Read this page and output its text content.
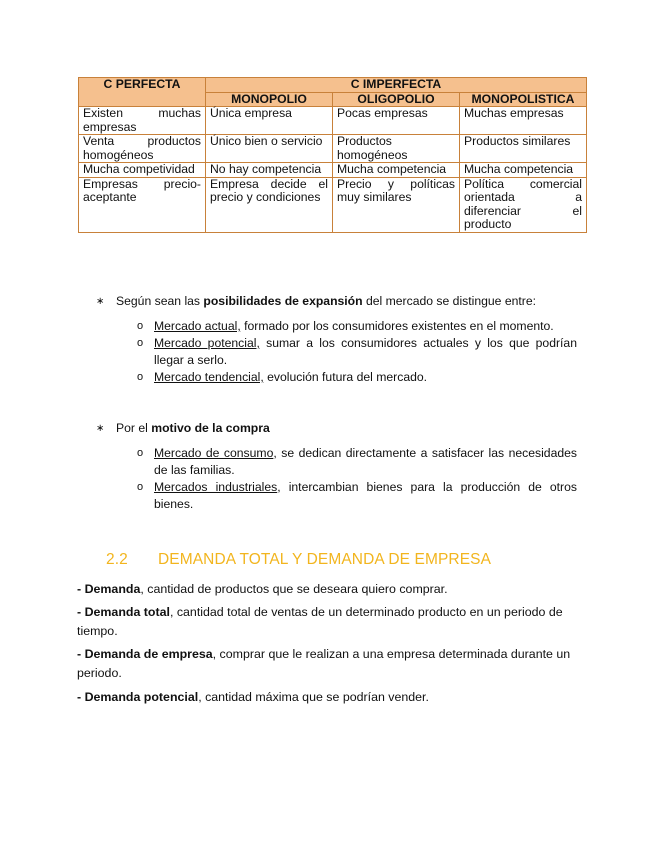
C PERFECTA	C IMPERFECTA		
	MONOPOLIO	OLIGOPOLIO	MONOPOLISTICA
Existen muchas empresas	Única empresa	Pocas empresas	Muchas empresas
Venta productos homogéneos	Único bien o servicio	Productos homogéneos	Productos similares
Mucha competividad	No hay competencia	Mucha competencia	Mucha competencia
Empresas precio-aceptante	Empresa decide el precio y condiciones	Precio y políticas muy similares	Política comercial orientada a diferenciar el producto
∗ Según sean las posibilidades de expansión del mercado se distingue entre:
o Mercado actual, formado por los consumidores existentes en el momento.
o Mercado potencial, sumar a los consumidores actuales y los que podrían llegar a serlo.
o Mercado tendencial, evolución futura del mercado.
∗ Por el motivo de la compra
o Mercado de consumo, se dedican directamente a satisfacer las necesidades de las familias.
o Mercados industriales, intercambian bienes para la producción de otros bienes.
2.2 DEMANDA TOTAL Y DEMANDA DE EMPRESA
- Demanda, cantidad de productos que se deseara quiero comprar.
- Demanda total, cantidad total de ventas de un determinado producto en un periodo de tiempo.
- Demanda de empresa, comprar que le realizan a una empresa determinada durante un periodo.
- Demanda potencial, cantidad máxima que se podrían vender.
